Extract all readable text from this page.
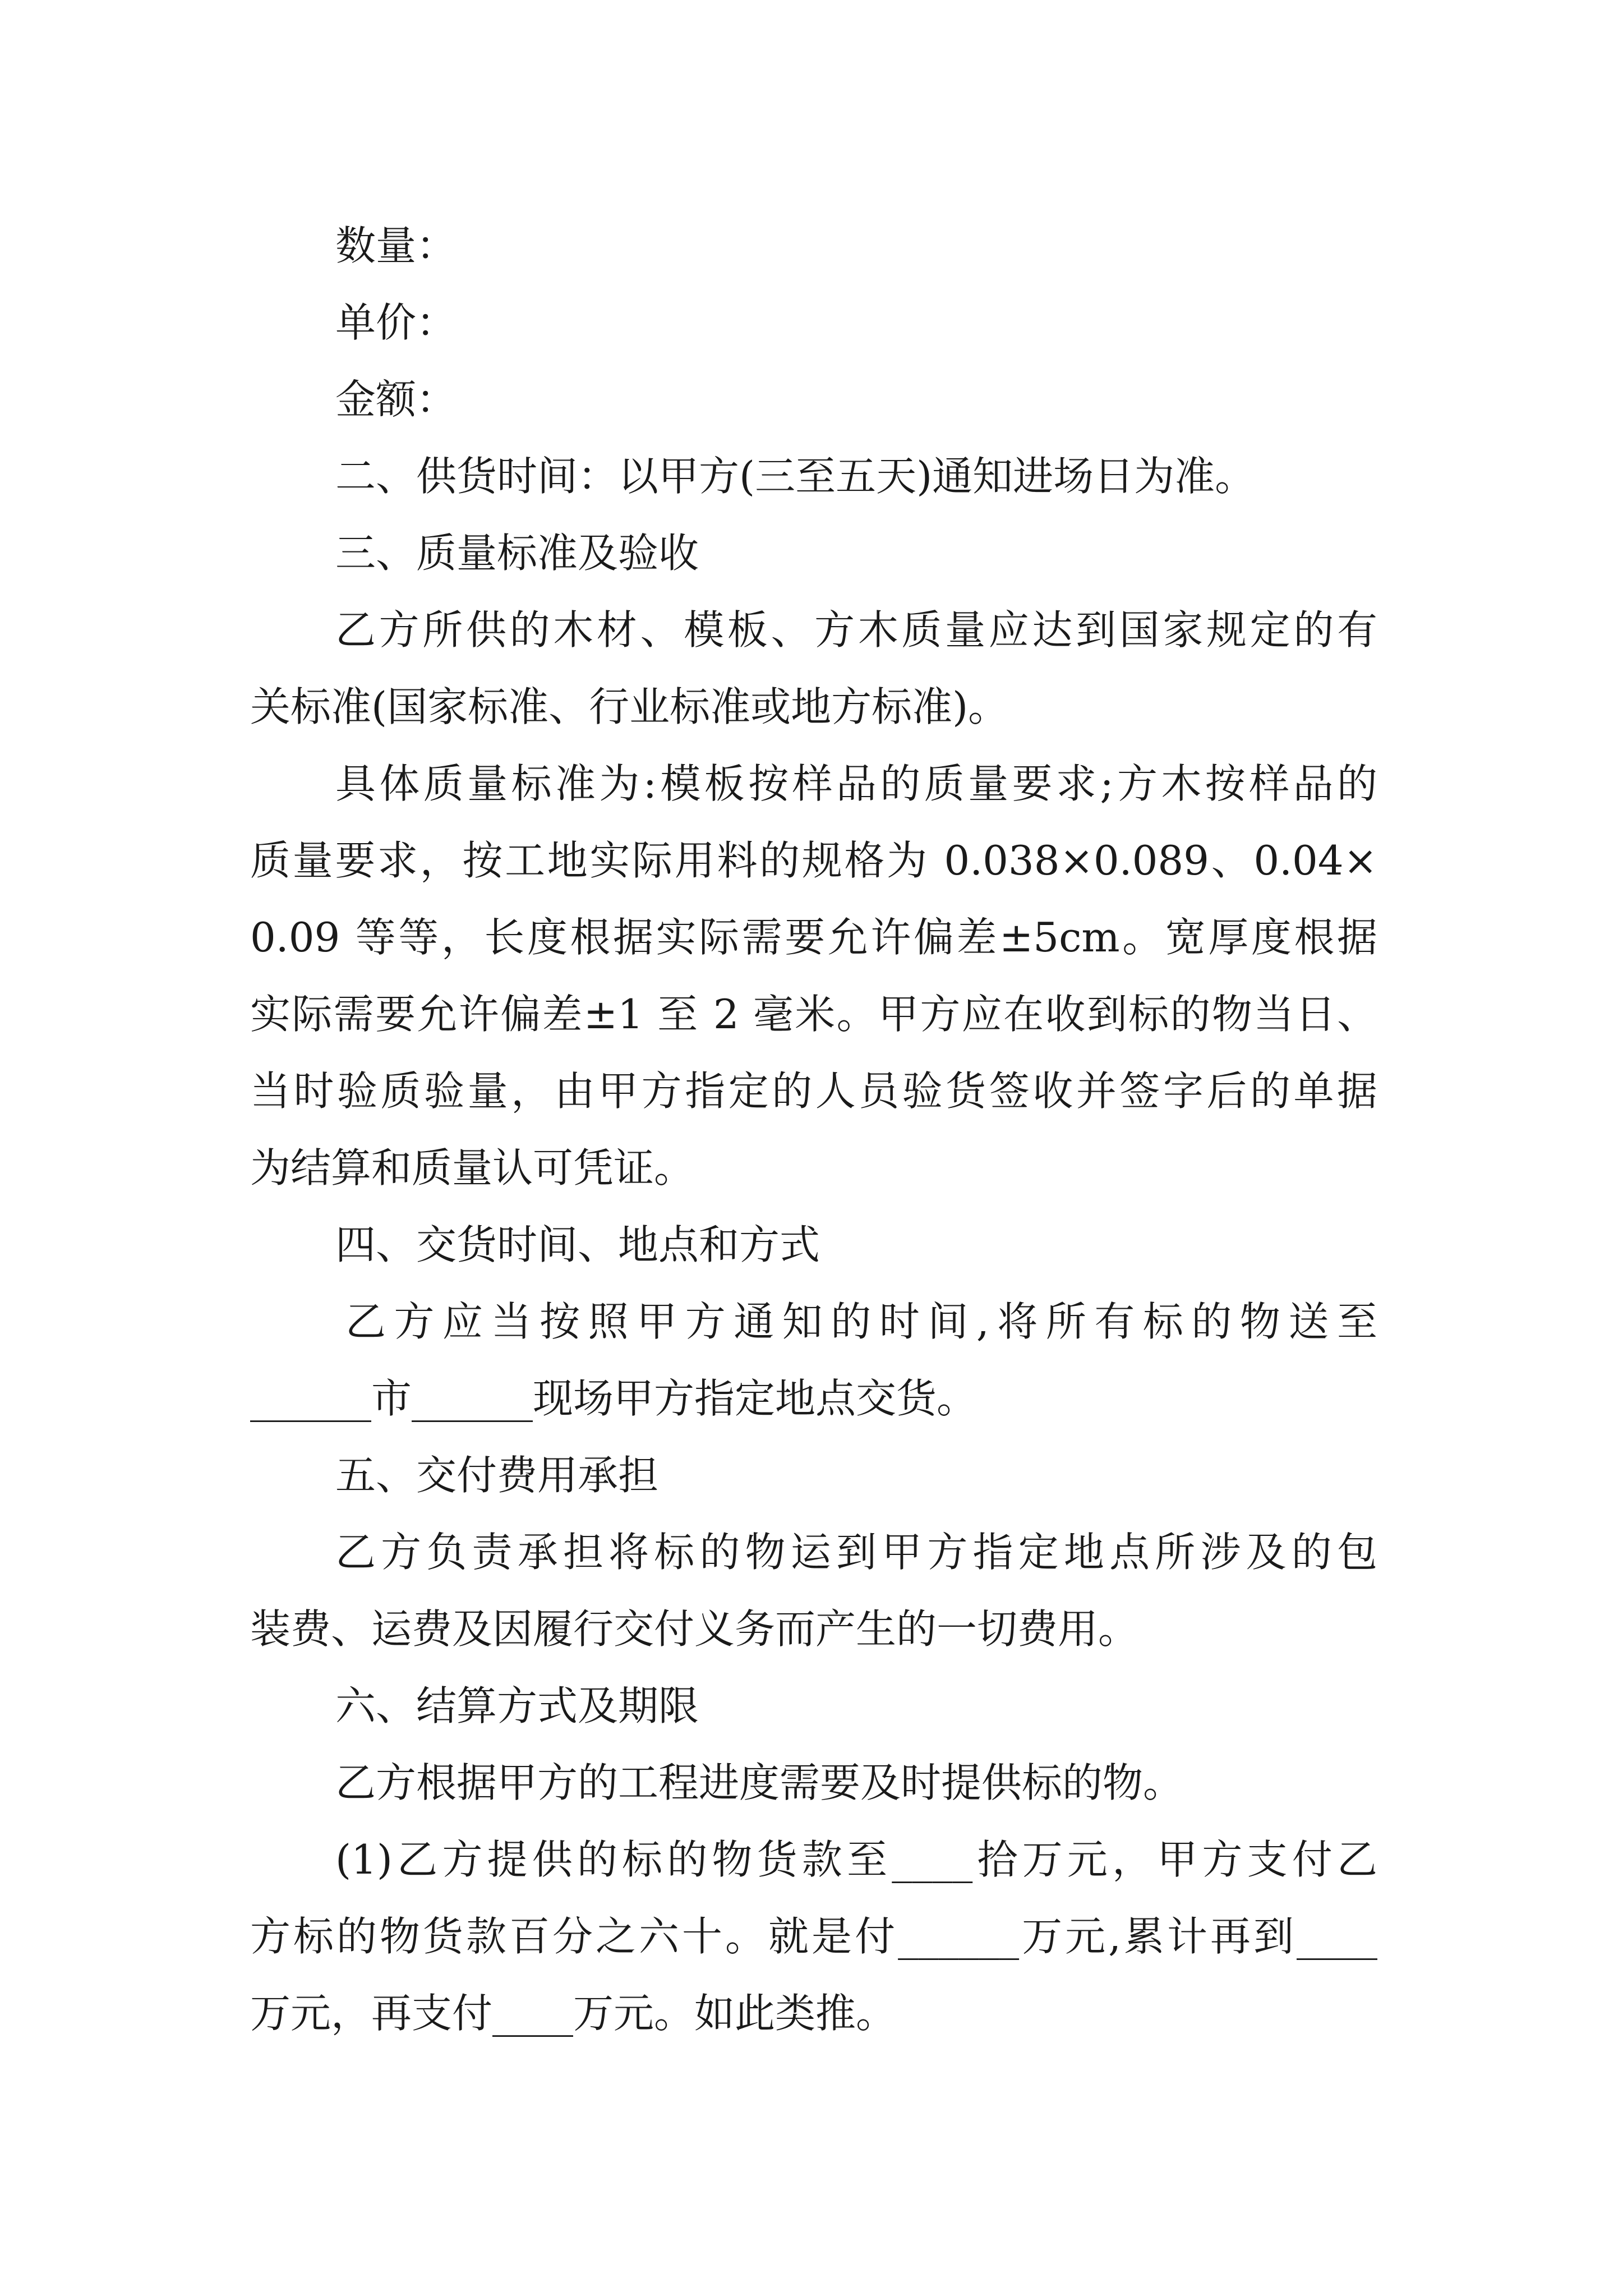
数量：
单价：
金额：
二、供货时间：以甲方(三至五天)通知进场日为准。
三、质量标准及验收
乙方所供的木材、模板、方木质量应达到国家规定的有
关标准(国家标准、行业标准或地方标准)。
具体质量标准为:模板按样品的质量要求;方木按样品的
质量要求，按工地实际用料的规格为 0.038×0.089、0.04×
0.09 等等，长度根据实际需要允许偏差±5cm。宽厚度根据
实际需要允许偏差±1 至 2 毫米。甲方应在收到标的物当日、
当时验质验量，由甲方指定的人员验货签收并签字后的单据
为结算和质量认可凭证。
四、交货时间、地点和方式
乙方应当按照甲方通知的时间,将所有标的物送至
______市______现场甲方指定地点交货。
五、交付费用承担
乙方负责承担将标的物运到甲方指定地点所涉及的包
装费、运费及因履行交付义务而产生的一切费用。
六、结算方式及期限
乙方根据甲方的工程进度需要及时提供标的物。
(1)乙方提供的标的物货款至____拾万元，甲方支付乙
方标的物货款百分之六十。就是付______万元,累计再到____
万元，再支付____万元。如此类推。
